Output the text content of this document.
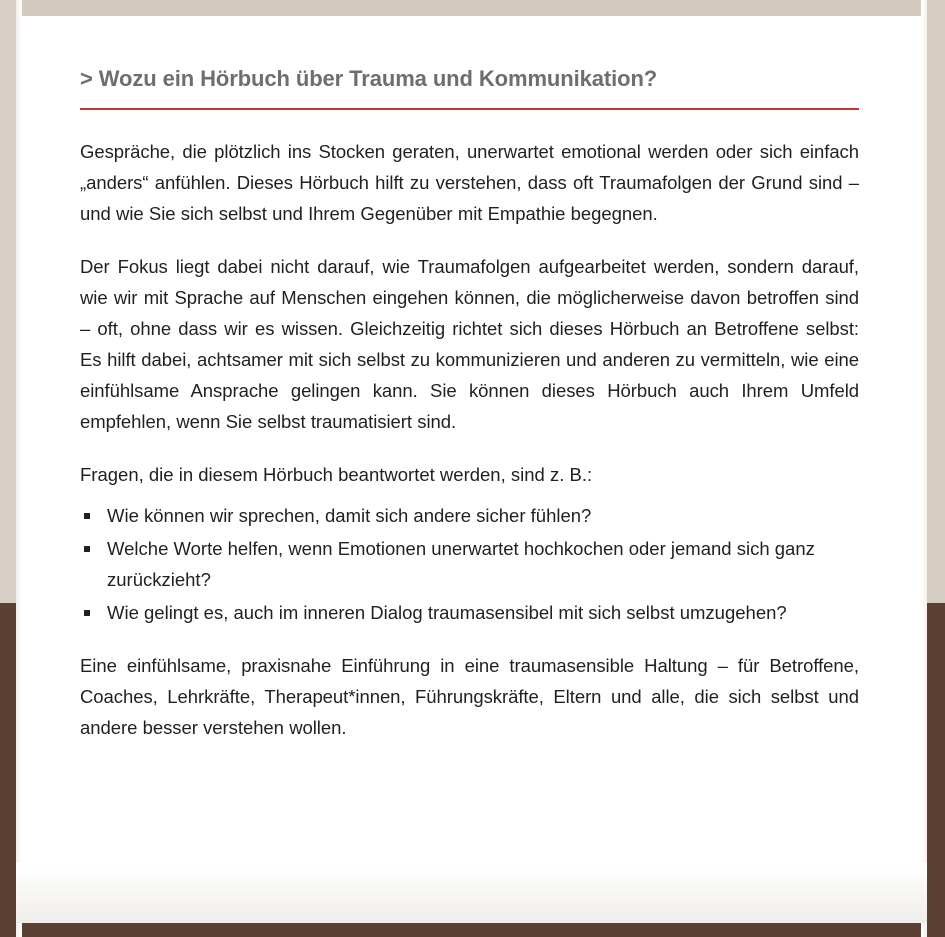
> Wozu ein Hörbuch über Trauma und Kommunikation?

Gespräche, die plötzlich ins Stocken geraten, unerwartet emotional werden oder sich einfach „anders“ anfühlen. Dieses Hörbuch hilft zu verstehen, dass oft Traumafolgen der Grund sind – und wie Sie sich selbst und Ihrem Gegenüber mit Empathie begegnen.

Der Fokus liegt dabei nicht darauf, wie Traumafolgen aufgearbeitet werden, sondern darauf, wie wir mit Sprache auf Menschen eingehen können, die möglicherweise davon betroffen sind – oft, ohne dass wir es wissen. Gleichzeitig richtet sich dieses Hörbuch an Betroffene selbst: Es hilft dabei, achtsamer mit sich selbst zu kommunizieren und anderen zu vermitteln, wie eine einfühlsame Ansprache gelingen kann. Sie können dieses Hörbuch auch Ihrem Umfeld empfehlen, wenn Sie selbst traumatisiert sind.

Fragen, die in diesem Hörbuch beantwortet werden, sind z. B.:

Wie können wir sprechen, damit sich andere sicher fühlen?
Welche Worte helfen, wenn Emotionen unerwartet hochkochen oder jemand sich ganz zurückzieht?
Wie gelingt es, auch im inneren Dialog traumasensibel mit sich selbst umzugehen?

Eine einfühlsame, praxisnahe Einführung in eine traumasensible Haltung – für Betroffene, Coaches, Lehrkräfte, Therapeut*innen, Führungskräfte, Eltern und alle, die sich selbst und andere besser verstehen wollen.
